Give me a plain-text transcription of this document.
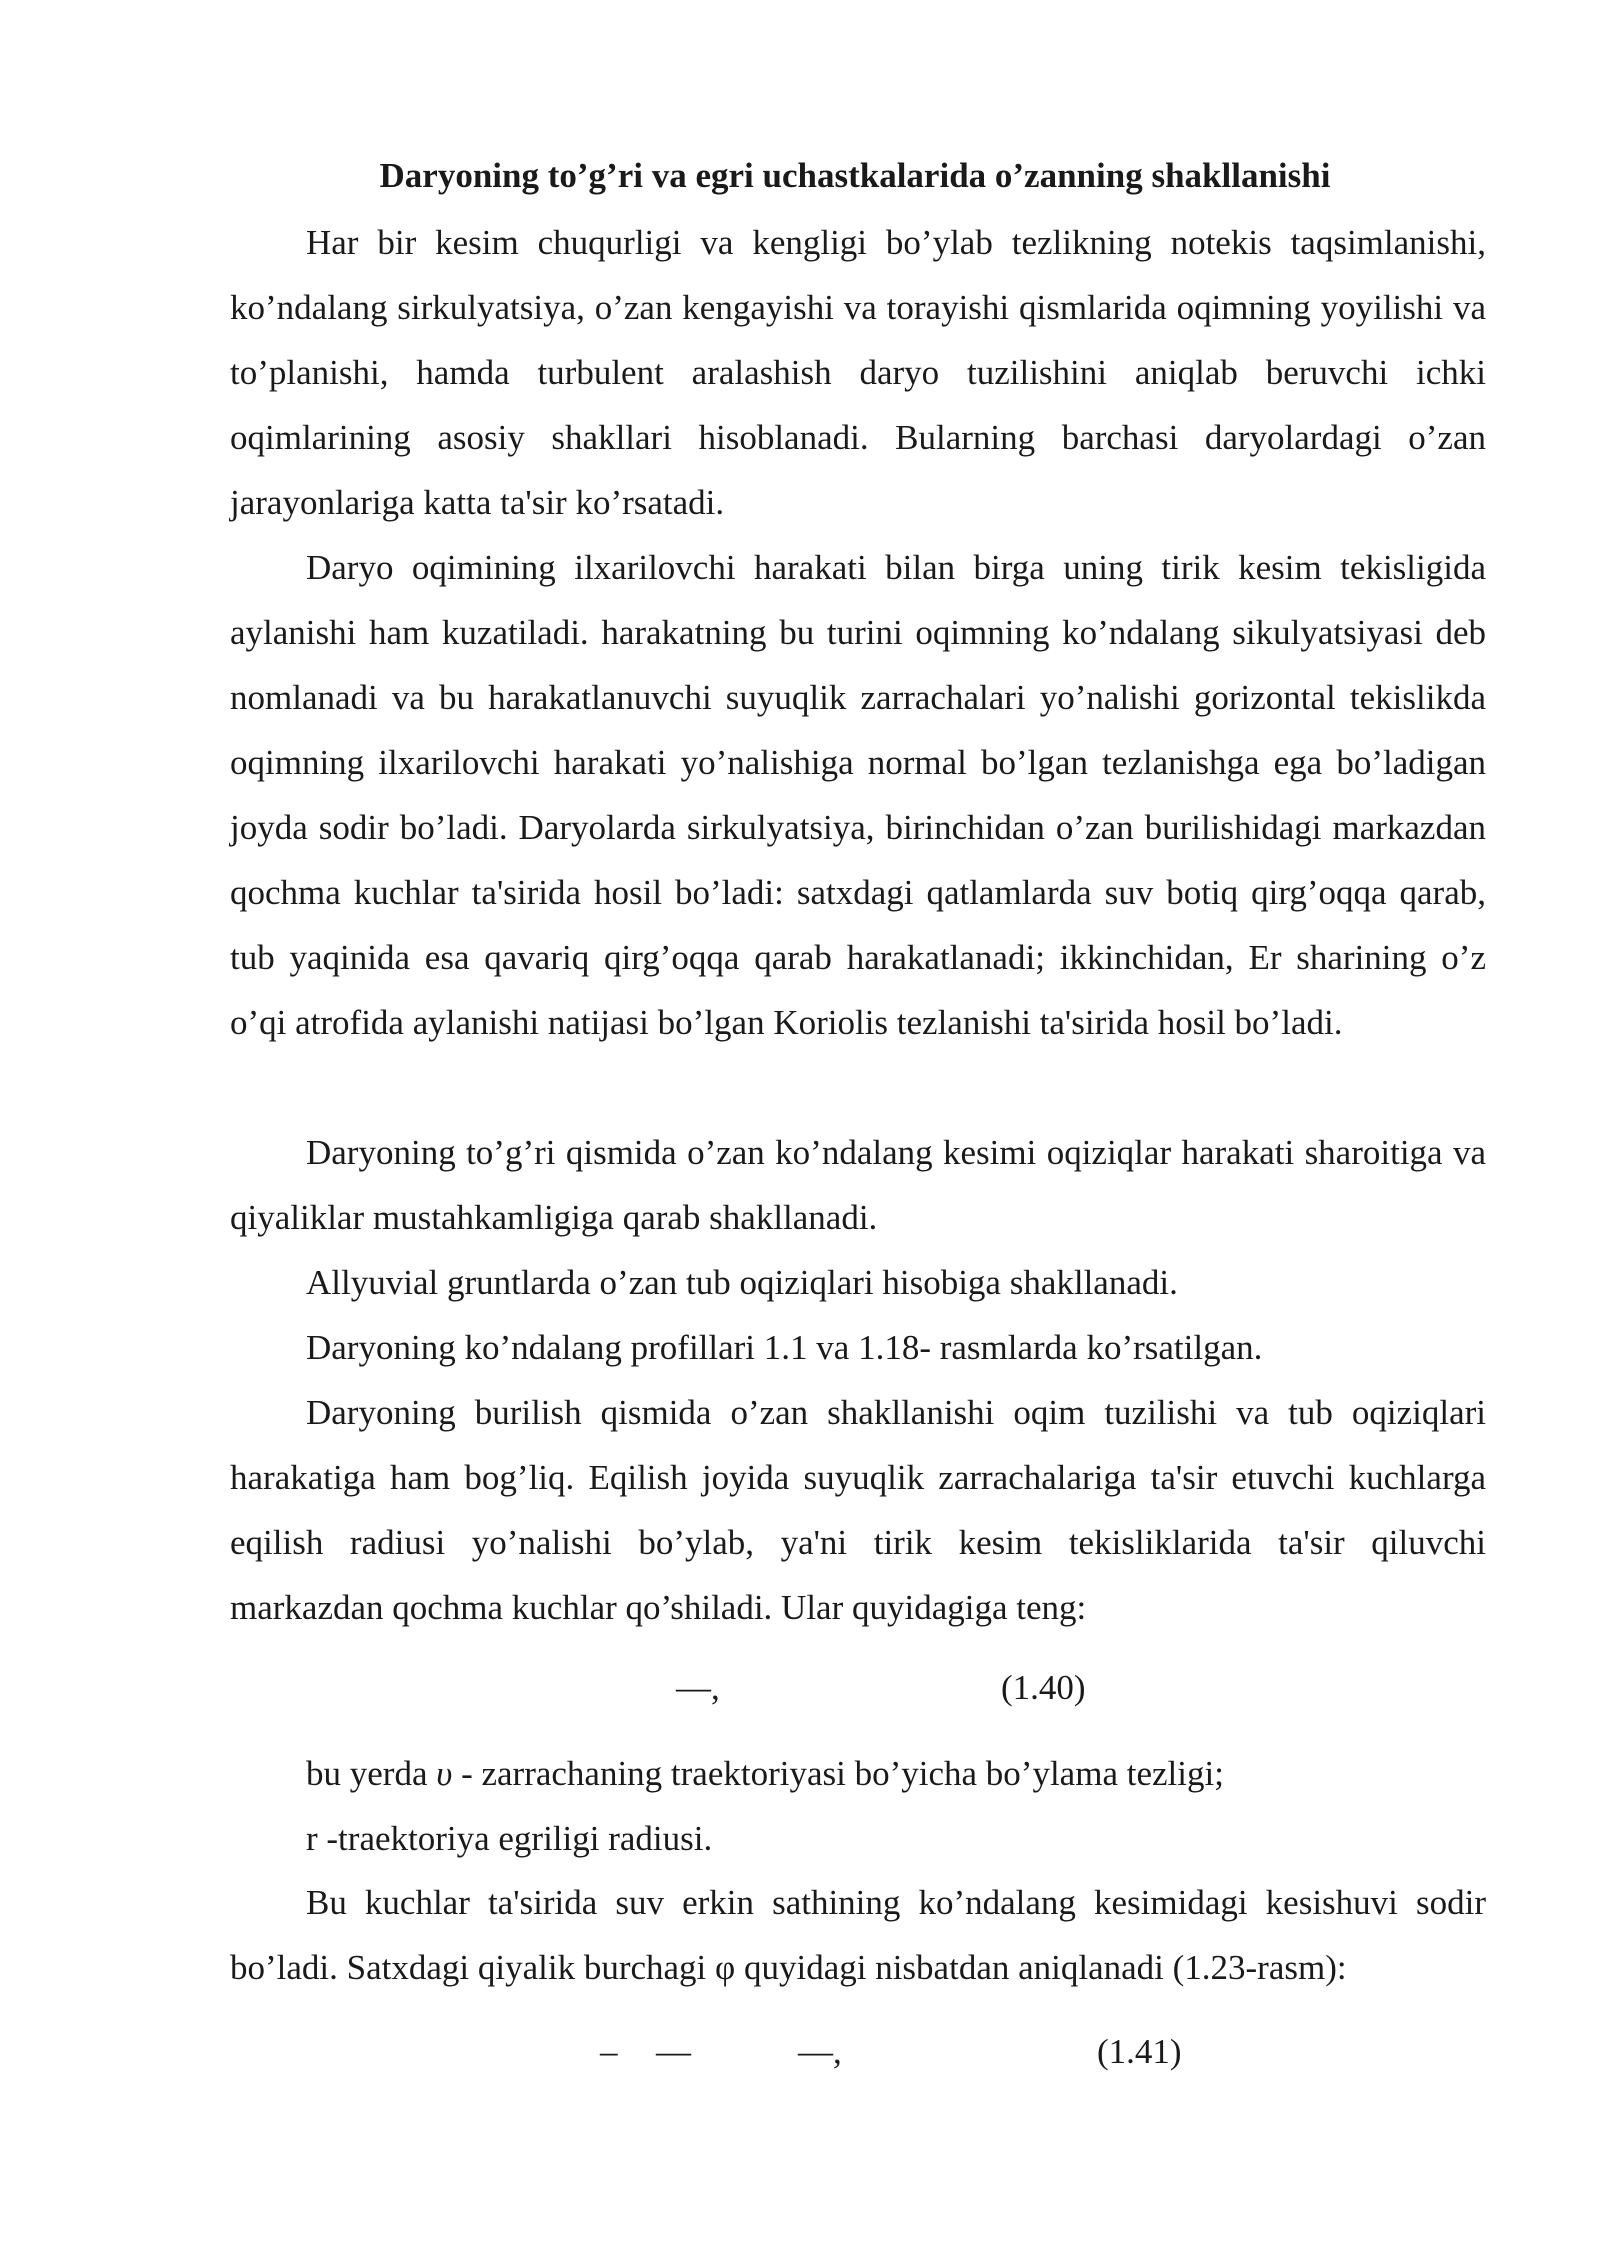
Daryoning to’g’ri va egri uchastkalarida o’zanning shakllanishi

Har bir kesim chuqurligi va kengligi bo’ylab tezlikning notekis taqsimlanishi, ko’ndalang sirkulyatsiya, o’zan kengayishi va torayishi qismlarida oqimning yoyilishi va to’planishi, hamda turbulent aralashish daryo tuzilishini aniqlab beruvchi ichki oqimlarining asosiy shakllari hisoblanadi. Bularning barchasi daryolardagi o’zan jarayonlariga katta ta'sir ko’rsatadi.

Daryo oqimining ilxarilovchi harakati bilan birga uning tirik kesim tekisligida aylanishi ham kuzatiladi. harakatning bu turini oqimning ko’ndalang sikulyatsiyasi deb nomlanadi va bu harakatlanuvchi suyuqlik zarrachalari yo’nalishi gorizontal tekislikda oqimning ilxarilovchi harakati yo’nalishiga normal bo’lgan tezlanishga ega bo’ladigan joyda sodir bo’ladi. Daryolarda sirkulyatsiya, birinchidan o’zan burilishidagi markazdan qochma kuchlar ta'sirida hosil bo’ladi: satxdagi qatlamlarda suv botiq qirg’oqqa qarab, tub yaqinida esa qavariq qirg’oqqa qarab harakatlanadi; ikkinchidan, Er sharining o’z o’qi atrofida aylanishi natijasi bo’lgan Koriolis tezlanishi ta'sirida hosil bo’ladi.

Daryoning to’g’ri qismida o’zan ko’ndalang kesimi oqiziqlar harakati sharoitiga va qiyaliklar mustahkamligiga qarab shakllanadi.

Allyuvial gruntlarda o’zan tub oqiziqlari hisobiga shakllanadi.

Daryoning ko’ndalang profillari 1.1 va 1.18- rasmlarda ko’rsatilgan.

Daryoning burilish qismida o’zan shakllanishi oqim tuzilishi va tub oqiziqlari harakatiga ham bog’liq. Eqilish joyida suyuqlik zarrachalariga ta'sir etuvchi kuchlarga eqilish radiusi yo’nalishi bo’ylab, ya'ni tirik kesim tekisliklarida ta'sir qiluvchi markazdan qochma kuchlar qo’shiladi. Ular quyidagiga teng:

—,	(1.40)

bu yerda υ - zarrachaning traektoriyasi bo’yicha bo’ylama tezligi;

r -traektoriya egriligi radiusi.

Bu kuchlar ta'sirida suv erkin sathining ko’ndalang kesimidagi kesishuvi sodir bo’ladi. Satxdagi qiyalik burchagi φ quyidagi nisbatdan aniqlanadi (1.23-rasm):

– —	—,	(1.41)
